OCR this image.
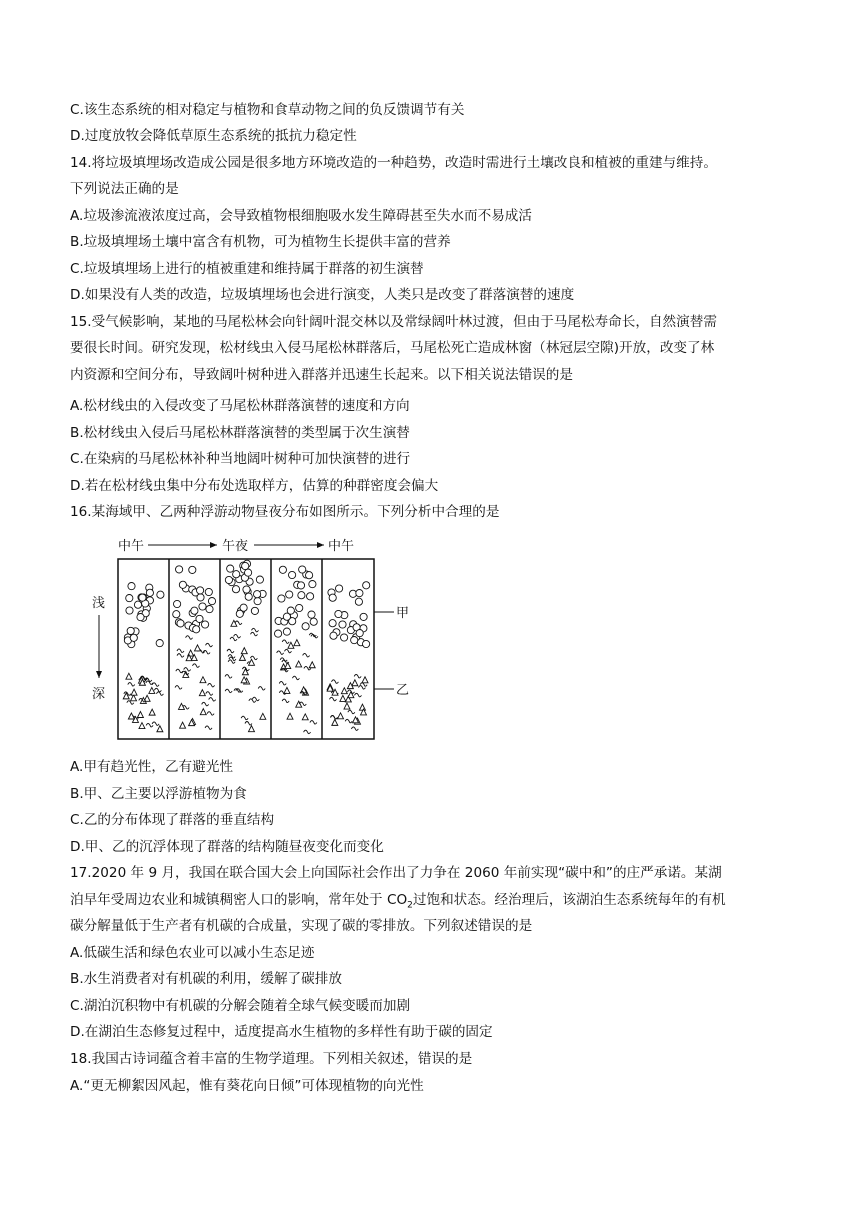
C.该生态系统的相对稳定与植物和食草动物之间的负反馈调节有关
D.过度放牧会降低草原生态系统的抵抗力稳定性
14.将垃圾填埋场改造成公园是很多地方环境改造的一种趋势，改造时需进行土壤改良和植被的重建与维持。
下列说法正确的是
A.垃圾渗流液浓度过高，会导致植物根细胞吸水发生障碍甚至失水而不易成活
B.垃圾填埋场土壤中富含有机物，可为植物生长提供丰富的营养
C.垃圾填埋场上进行的植被重建和维持属于群落的初生演替
D.如果没有人类的改造，垃圾填埋场也会进行演变，人类只是改变了群落演替的速度
15.受气候影响，某地的马尾松林会向针阔叶混交林以及常绿阔叶林过渡，但由于马尾松寿命长，自然演替需
要很长时间。研究发现，松材线虫入侵马尾松林群落后，马尾松死亡造成林窗（林冠层空隙)开放，改变了林
内资源和空间分布，导致阔叶树种进入群落并迅速生长起来。以下相关说法错误的是
A.松材线虫的入侵改变了马尾松林群落演替的速度和方向
B.松材线虫入侵后马尾松林群落演替的类型属于次生演替
C.在染病的马尾松林补种当地阔叶树种可加快演替的进行
D.若在松材线虫集中分布处选取样方，估算的种群密度会偏大
16.某海域甲、乙两种浮游动物昼夜分布如图所示。下列分析中合理的是
中午	午夜	中午
浅
深
甲
乙
A.甲有趋光性，乙有避光性
B.甲、乙主要以浮游植物为食
C.乙的分布体现了群落的垂直结构
D.甲、乙的沉浮体现了群落的结构随昼夜变化而变化
17.2020 年 9 月，我国在联合国大会上向国际社会作出了力争在 2060 年前实现“碳中和”的庄严承诺。某湖
泊早年受周边农业和城镇稠密人口的影响，常年处于 $CO_2$过饱和状态。经治理后，该湖泊生态系统每年的有机
碳分解量低于生产者有机碳的合成量，实现了碳的零排放。下列叙述错误的是
A.低碳生活和绿色农业可以减小生态足迹
B.水生消费者对有机碳的利用，缓解了碳排放
C.湖泊沉积物中有机碳的分解会随着全球气候变暖而加剧
D.在湖泊生态修复过程中，适度提高水生植物的多样性有助于碳的固定
18.我国古诗词蕴含着丰富的生物学道理。下列相关叙述，错误的是
A.“更无柳絮因风起，惟有葵花向日倾”可体现植物的向光性
